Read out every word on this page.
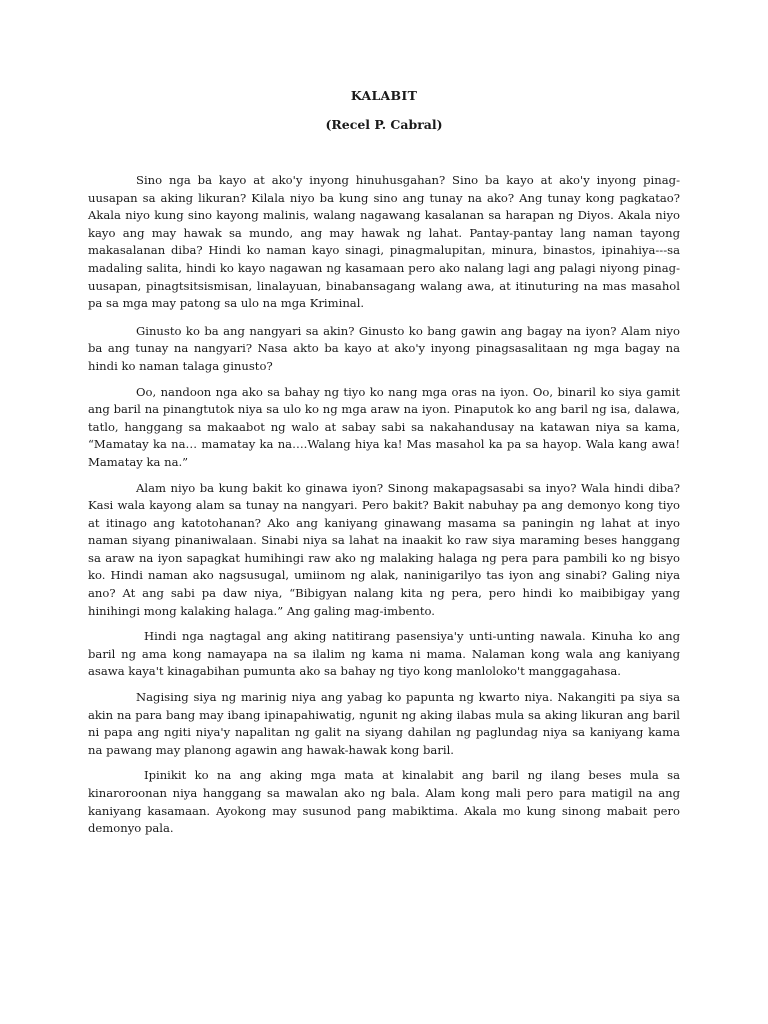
KALABIT
(Recel P. Cabral)

Sino nga ba kayo at ako'y inyong hinuhusgahan? Sino ba kayo at ako'y inyong pinag-uusapan sa aking likuran? Kilala niyo ba kung sino ang tunay na ako? Ang tunay kong pagkatao? Akala niyo kung sino kayong malinis, walang nagawang kasalanan sa harapan ng Diyos. Akala niyo kayo ang may hawak sa mundo, ang may hawak ng lahat. Pantay-pantay lang naman tayong makasalanan diba? Hindi ko naman kayo sinagi, pinagmalupitan, minura, binastos, ipinahiya---sa madaling salita, hindi ko kayo nagawan ng kasamaan pero ako nalang lagi ang palagi niyong pinag-uusapan, pinagtsitsismisan, linalayuan, binabansagang walang awa, at itinuturing na mas masahol pa sa mga may patong sa ulo na mga Kriminal.

Ginusto ko ba ang nangyari sa akin? Ginusto ko bang gawin ang bagay na iyon? Alam niyo ba ang tunay na nangyari? Nasa akto ba kayo at ako'y inyong pinagsasalitaan ng mga bagay na hindi ko naman talaga ginusto?

Oo, nandoon nga ako sa bahay ng tiyo ko nang mga oras na iyon. Oo, binaril ko siya gamit ang baril na pinangtutok niya sa ulo ko ng mga araw na iyon. Pinaputok ko ang baril ng isa, dalawa, tatlo, hanggang sa makaabot ng walo at sabay sabi sa nakahandusay na katawan niya sa kama, “Mamatay ka na… mamatay ka na….Walang hiya ka! Mas masahol ka pa sa hayop. Wala kang awa! Mamatay ka na.”

Alam niyo ba kung bakit ko ginawa iyon? Sinong makapagsasabi sa inyo? Wala hindi diba? Kasi wala kayong alam sa tunay na nangyari. Pero bakit? Bakit nabuhay pa ang demonyo kong tiyo at itinago ang katotohanan? Ako ang kaniyang ginawang masama sa paningin ng lahat at inyo naman siyang pinaniwalaan. Sinabi niya sa lahat na inaakit ko raw siya maraming beses hanggang sa araw na iyon sapagkat humihingi raw ako ng malaking halaga ng pera para pambili ko ng bisyo ko. Hindi naman ako nagsusugal, umiinom ng alak, naninigarilyo tas iyon ang sinabi? Galing niya ano? At ang sabi pa daw niya, “Bibigyan nalang kita ng pera, pero hindi ko maibibigay yang hinihingi mong kalaking halaga.” Ang galing mag-imbento.

Hindi nga nagtagal ang aking natitirang pasensiya'y unti-unting nawala. Kinuha ko ang baril ng ama kong namayapa na sa ilalim ng kama ni mama. Nalaman kong wala ang kaniyang asawa kaya't kinagabihan pumunta ako sa bahay ng tiyo kong manloloko't manggagahasa.

Nagising siya ng marinig niya ang yabag ko papunta ng kwarto niya. Nakangiti pa siya sa akin na para bang may ibang ipinapahiwatig, ngunit ng aking ilabas mula sa aking likuran ang baril ni papa ang ngiti niya'y napalitan ng galit na siyang dahilan ng paglundag niya sa kaniyang kama na pawang may planong agawin ang hawak-hawak kong baril.

Ipinikit ko na ang aking mga mata at kinalabit ang baril ng ilang beses mula sa kinaroroonan niya hanggang sa mawalan ako ng bala. Alam kong mali pero para matigil na ang kaniyang kasamaan. Ayokong may susunod pang mabiktima. Akala mo kung sinong mabait pero demonyo pala.
